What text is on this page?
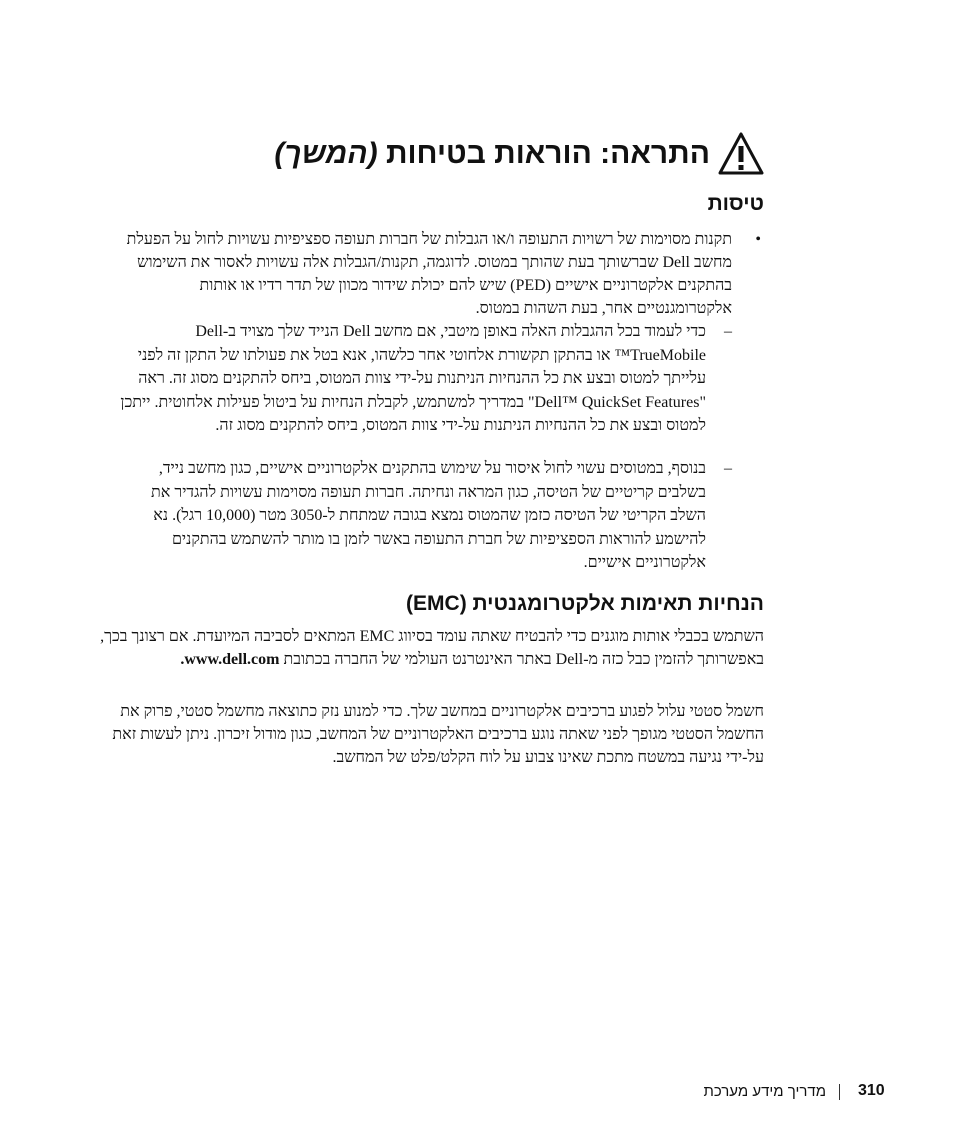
התראה: הוראות בטיחות (המשך)
טיסות
•
תקנות מסוימות של רשויות התעופה ו/או הגבלות של חברות תעופה ספציפיות עשויות לחול על הפעלת מחשב Dell שברשותך בעת שהותך במטוס. לדוגמה, תקנות/הגבלות אלה עשויות לאסור את השימוש בהתקנים אלקטרוניים אישיים (PED) שיש להם יכולת שידור מכוון של תדר רדיו או אותות אלקטרומגנטיים אחר, בעת השהות במטוס.
–
כדי לעמוד בכל ההגבלות האלה באופן מיטבי, אם מחשב Dell הנייד שלך מצויד ב-Dell TrueMobile™ או בהתקן תקשורת אלחוטי אחר כלשהו, אנא בטל את פעולתו של התקן זה לפני עלייתך למטוס ובצע את כל ההנחיות הניתנות על-ידי צוות המטוס, ביחס להתקנים מסוג זה. ראה "Dell™ QuickSet Features" במדריך למשתמש, לקבלת הנחיות על ביטול פעילות אלחוטית. ייתכן למטוס ובצע את כל ההנחיות הניתנות על-ידי צוות המטוס, ביחס להתקנים מסוג זה.
–
בנוסף, במטוסים עשוי לחול איסור על שימוש בהתקנים אלקטרוניים אישיים, כגון מחשב נייד, בשלבים קריטיים של הטיסה, כגון המראה ונחיתה. חברות תעופה מסוימות עשויות להגדיר את השלב הקריטי של הטיסה כזמן שהמטוס נמצא בגובה שמתחת ל-3050 מטר (10,000 רגל). נא להישמע להוראות הספציפיות של חברת התעופה באשר לזמן בו מותר להשתמש בהתקנים אלקטרוניים אישיים.
הנחיות תאימות אלקטרומגנטית (EMC)
השתמש בכבלי אותות מוגנים כדי להבטיח שאתה עומד בסיווג EMC המתאים לסביבה המיועדת. אם רצונך בכך, באפשרותך להזמין כבל כזה מ-Dell באתר האינטרנט העולמי של החברה בכתובת www.dell.com.
חשמל סטטי עלול לפגוע ברכיבים אלקטרוניים במחשב שלך. כדי למנוע נזק כתוצאה מחשמל סטטי, פרוק את החשמל הסטטי מגופך לפני שאתה נוגע ברכיבים האלקטרוניים של המחשב, כגון מודול זיכרון. ניתן לעשות זאת על-ידי נגיעה במשטח מתכת שאינו צבוע על לוח הקלט/פלט של המחשב.
310
מדריך מידע מערכת
